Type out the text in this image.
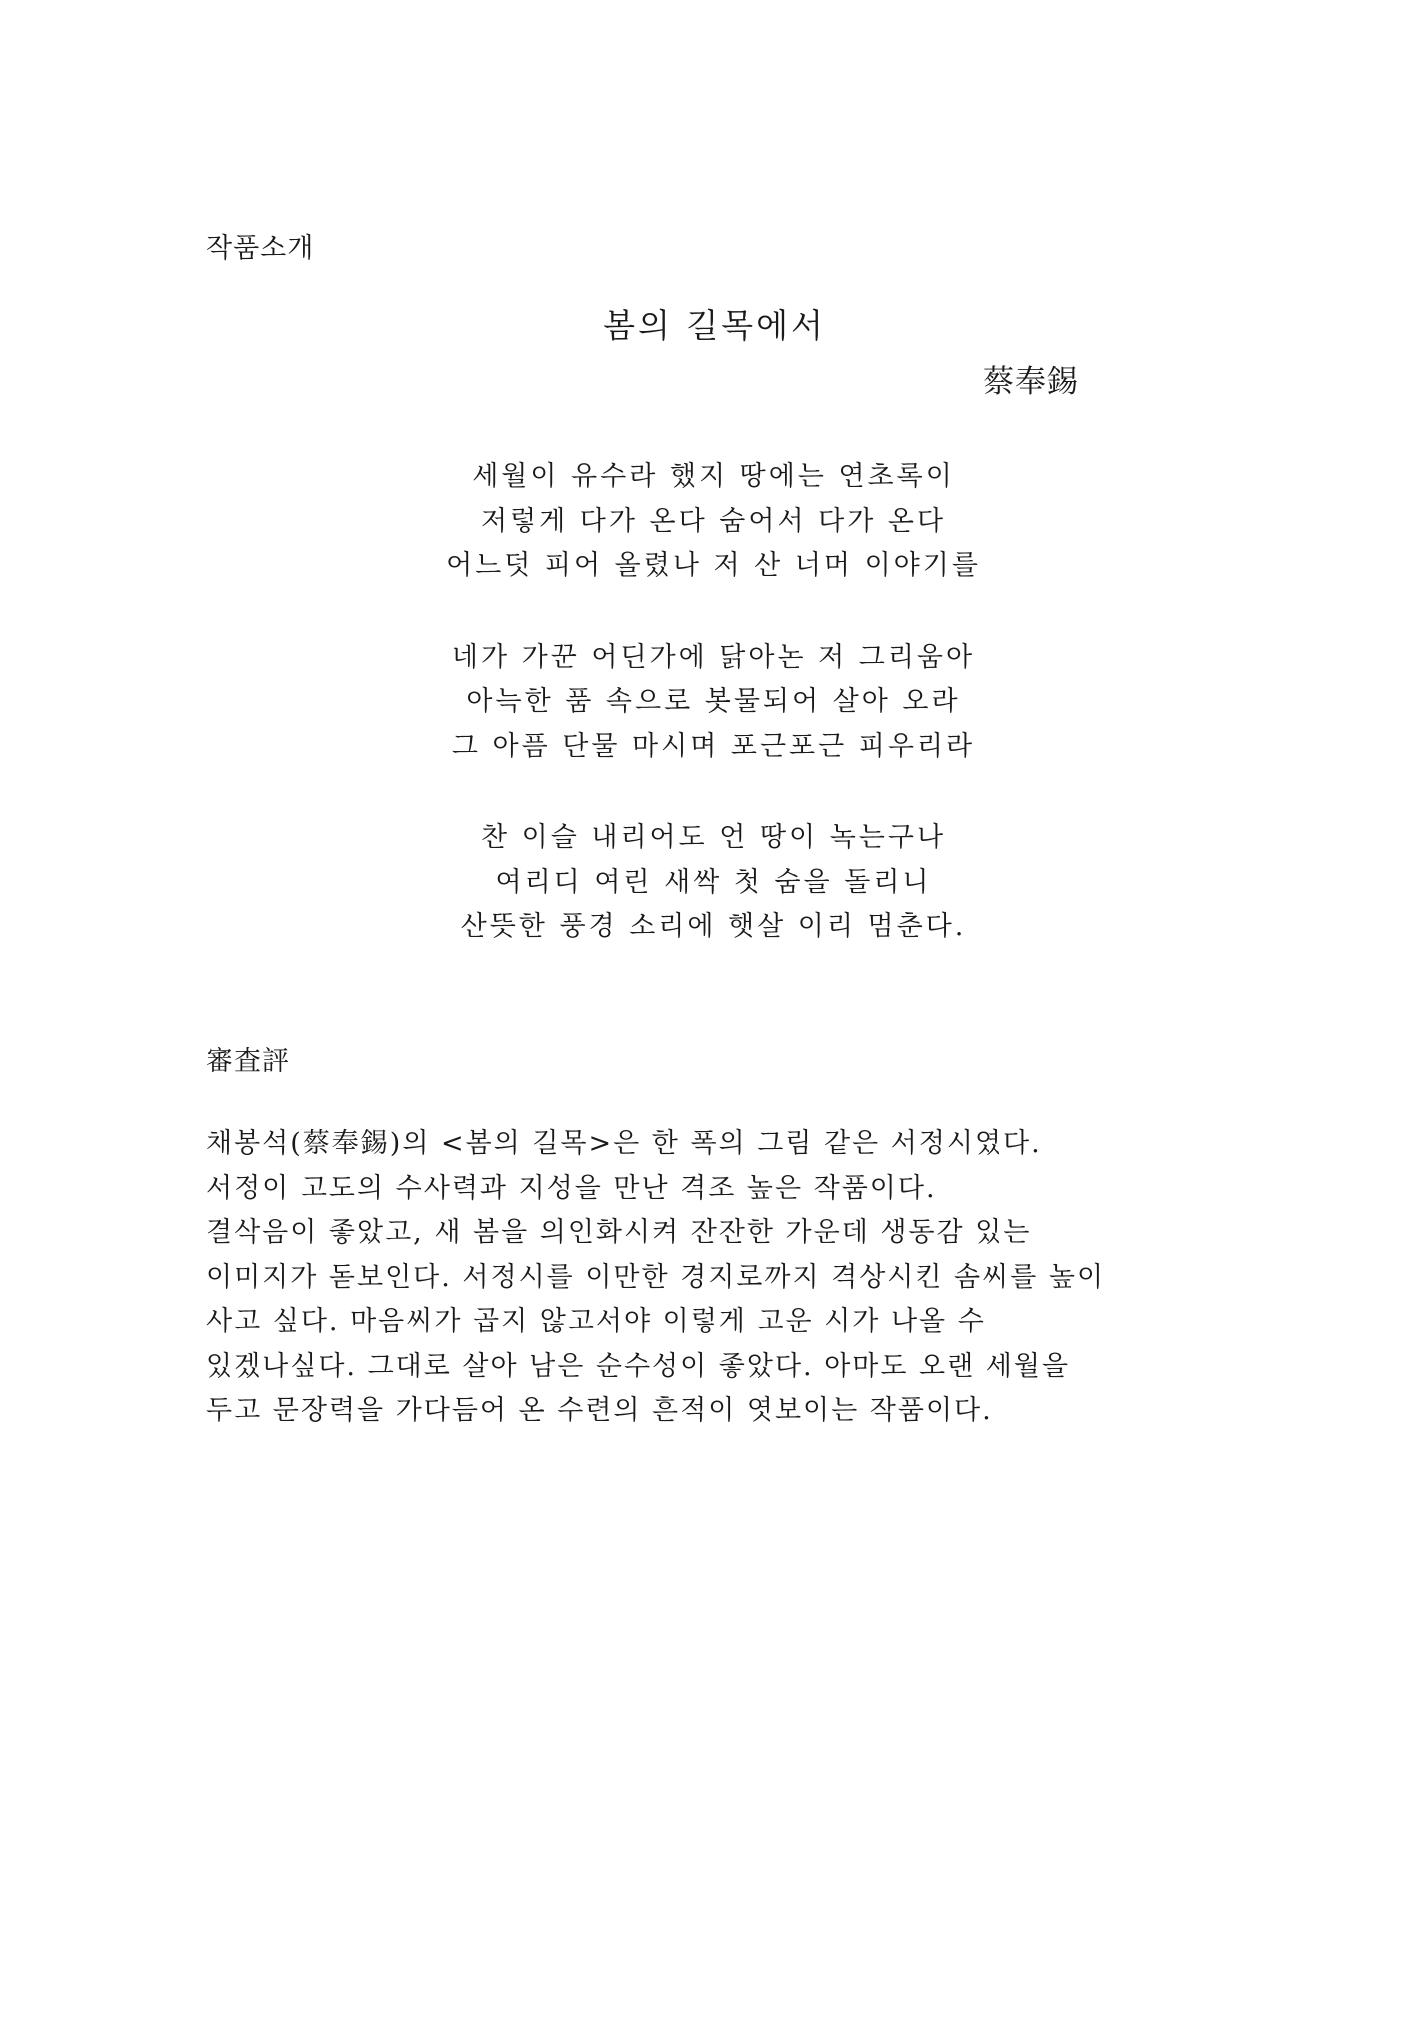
작품소개
봄의 길목에서
蔡奉錫
세월이 유수라 했지 땅에는 연초록이
저렇게 다가 온다 숨어서 다가 온다
어느덧 피어 올렸나 저 산 너머 이야기를
네가 가꾼 어딘가에 닭아논 저 그리움아
아늑한 품 속으로 봇물되어 살아 오라
그 아픔 단물 마시며 포근포근 피우리라
찬 이슬 내리어도 언 땅이 녹는구나
여리디 여린 새싹 첫 숨을 돌리니
산뜻한 풍경 소리에 햇살 이리 멈춘다.
審査評
채봉석(蔡奉錫)의 <봄의 길목>은 한 폭의 그림 같은 서정시였다.
서정이 고도의 수사력과 지성을 만난 격조 높은 작품이다.
결삭음이 좋았고, 새 봄을 의인화시켜 잔잔한 가운데 생동감 있는
이미지가 돋보인다. 서정시를 이만한 경지로까지 격상시킨 솜씨를 높이
사고 싶다. 마음씨가 곱지 않고서야 이렇게 고운 시가 나올 수
있겠나싶다. 그대로 살아 남은 순수성이 좋았다. 아마도 오랜 세월을
두고 문장력을 가다듬어 온 수련의 흔적이 엿보이는 작품이다.
